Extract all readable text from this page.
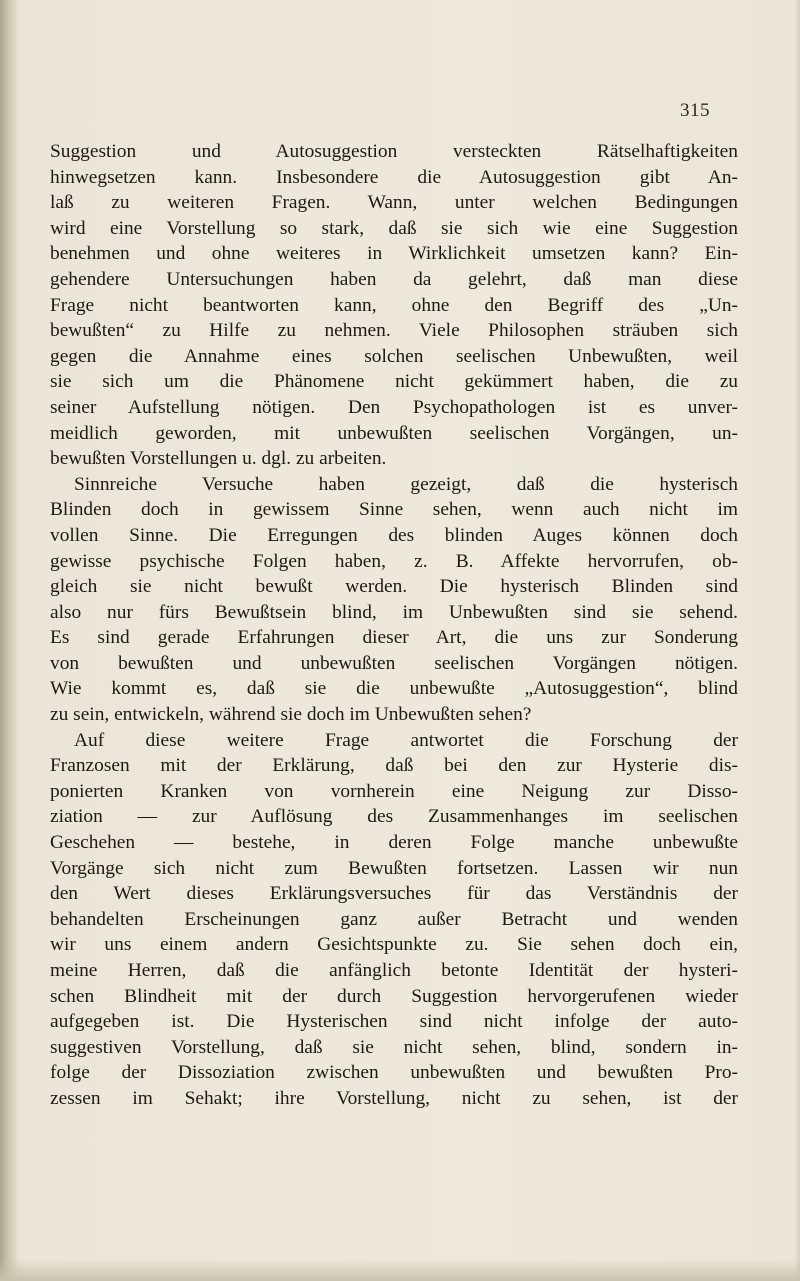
315
Suggestion und Autosuggestion versteckten Rätselhaftigkeiten
hinwegsetzen kann. Insbesondere die Autosuggestion gibt An-
laß zu weiteren Fragen. Wann, unter welchen Bedingungen
wird eine Vorstellung so stark, daß sie sich wie eine Suggestion
benehmen und ohne weiteres in Wirklichkeit umsetzen kann? Ein-
gehendere Untersuchungen haben da gelehrt, daß man diese
Frage nicht beantworten kann, ohne den Begriff des „Un-
bewußten“ zu Hilfe zu nehmen. Viele Philosophen sträuben sich
gegen die Annahme eines solchen seelischen Unbewußten, weil
sie sich um die Phänomene nicht gekümmert haben, die zu
seiner Aufstellung nötigen. Den Psychopathologen ist es unver-
meidlich geworden, mit unbewußten seelischen Vorgängen, un-
bewußten Vorstellungen u. dgl. zu arbeiten.
Sinnreiche Versuche haben gezeigt, daß die hysterisch
Blinden doch in gewissem Sinne sehen, wenn auch nicht im
vollen Sinne. Die Erregungen des blinden Auges können doch
gewisse psychische Folgen haben, z. B. Affekte hervorrufen, ob-
gleich sie nicht bewußt werden. Die hysterisch Blinden sind
also nur fürs Bewußtsein blind, im Unbewußten sind sie sehend.
Es sind gerade Erfahrungen dieser Art, die uns zur Sonderung
von bewußten und unbewußten seelischen Vorgängen nötigen.
Wie kommt es, daß sie die unbewußte „Autosuggestion“, blind
zu sein, entwickeln, während sie doch im Unbewußten sehen?
Auf diese weitere Frage antwortet die Forschung der
Franzosen mit der Erklärung, daß bei den zur Hysterie dis-
ponierten Kranken von vornherein eine Neigung zur Disso-
ziation — zur Auflösung des Zusammenhanges im seelischen
Geschehen — bestehe, in deren Folge manche unbewußte
Vorgänge sich nicht zum Bewußten fortsetzen. Lassen wir nun
den Wert dieses Erklärungsversuches für das Verständnis der
behandelten Erscheinungen ganz außer Betracht und wenden
wir uns einem andern Gesichtspunkte zu. Sie sehen doch ein,
meine Herren, daß die anfänglich betonte Identität der hysteri-
schen Blindheit mit der durch Suggestion hervorgerufenen wieder
aufgegeben ist. Die Hysterischen sind nicht infolge der auto-
suggestiven Vorstellung, daß sie nicht sehen, blind, sondern in-
folge der Dissoziation zwischen unbewußten und bewußten Pro-
zessen im Sehakt; ihre Vorstellung, nicht zu sehen, ist der
